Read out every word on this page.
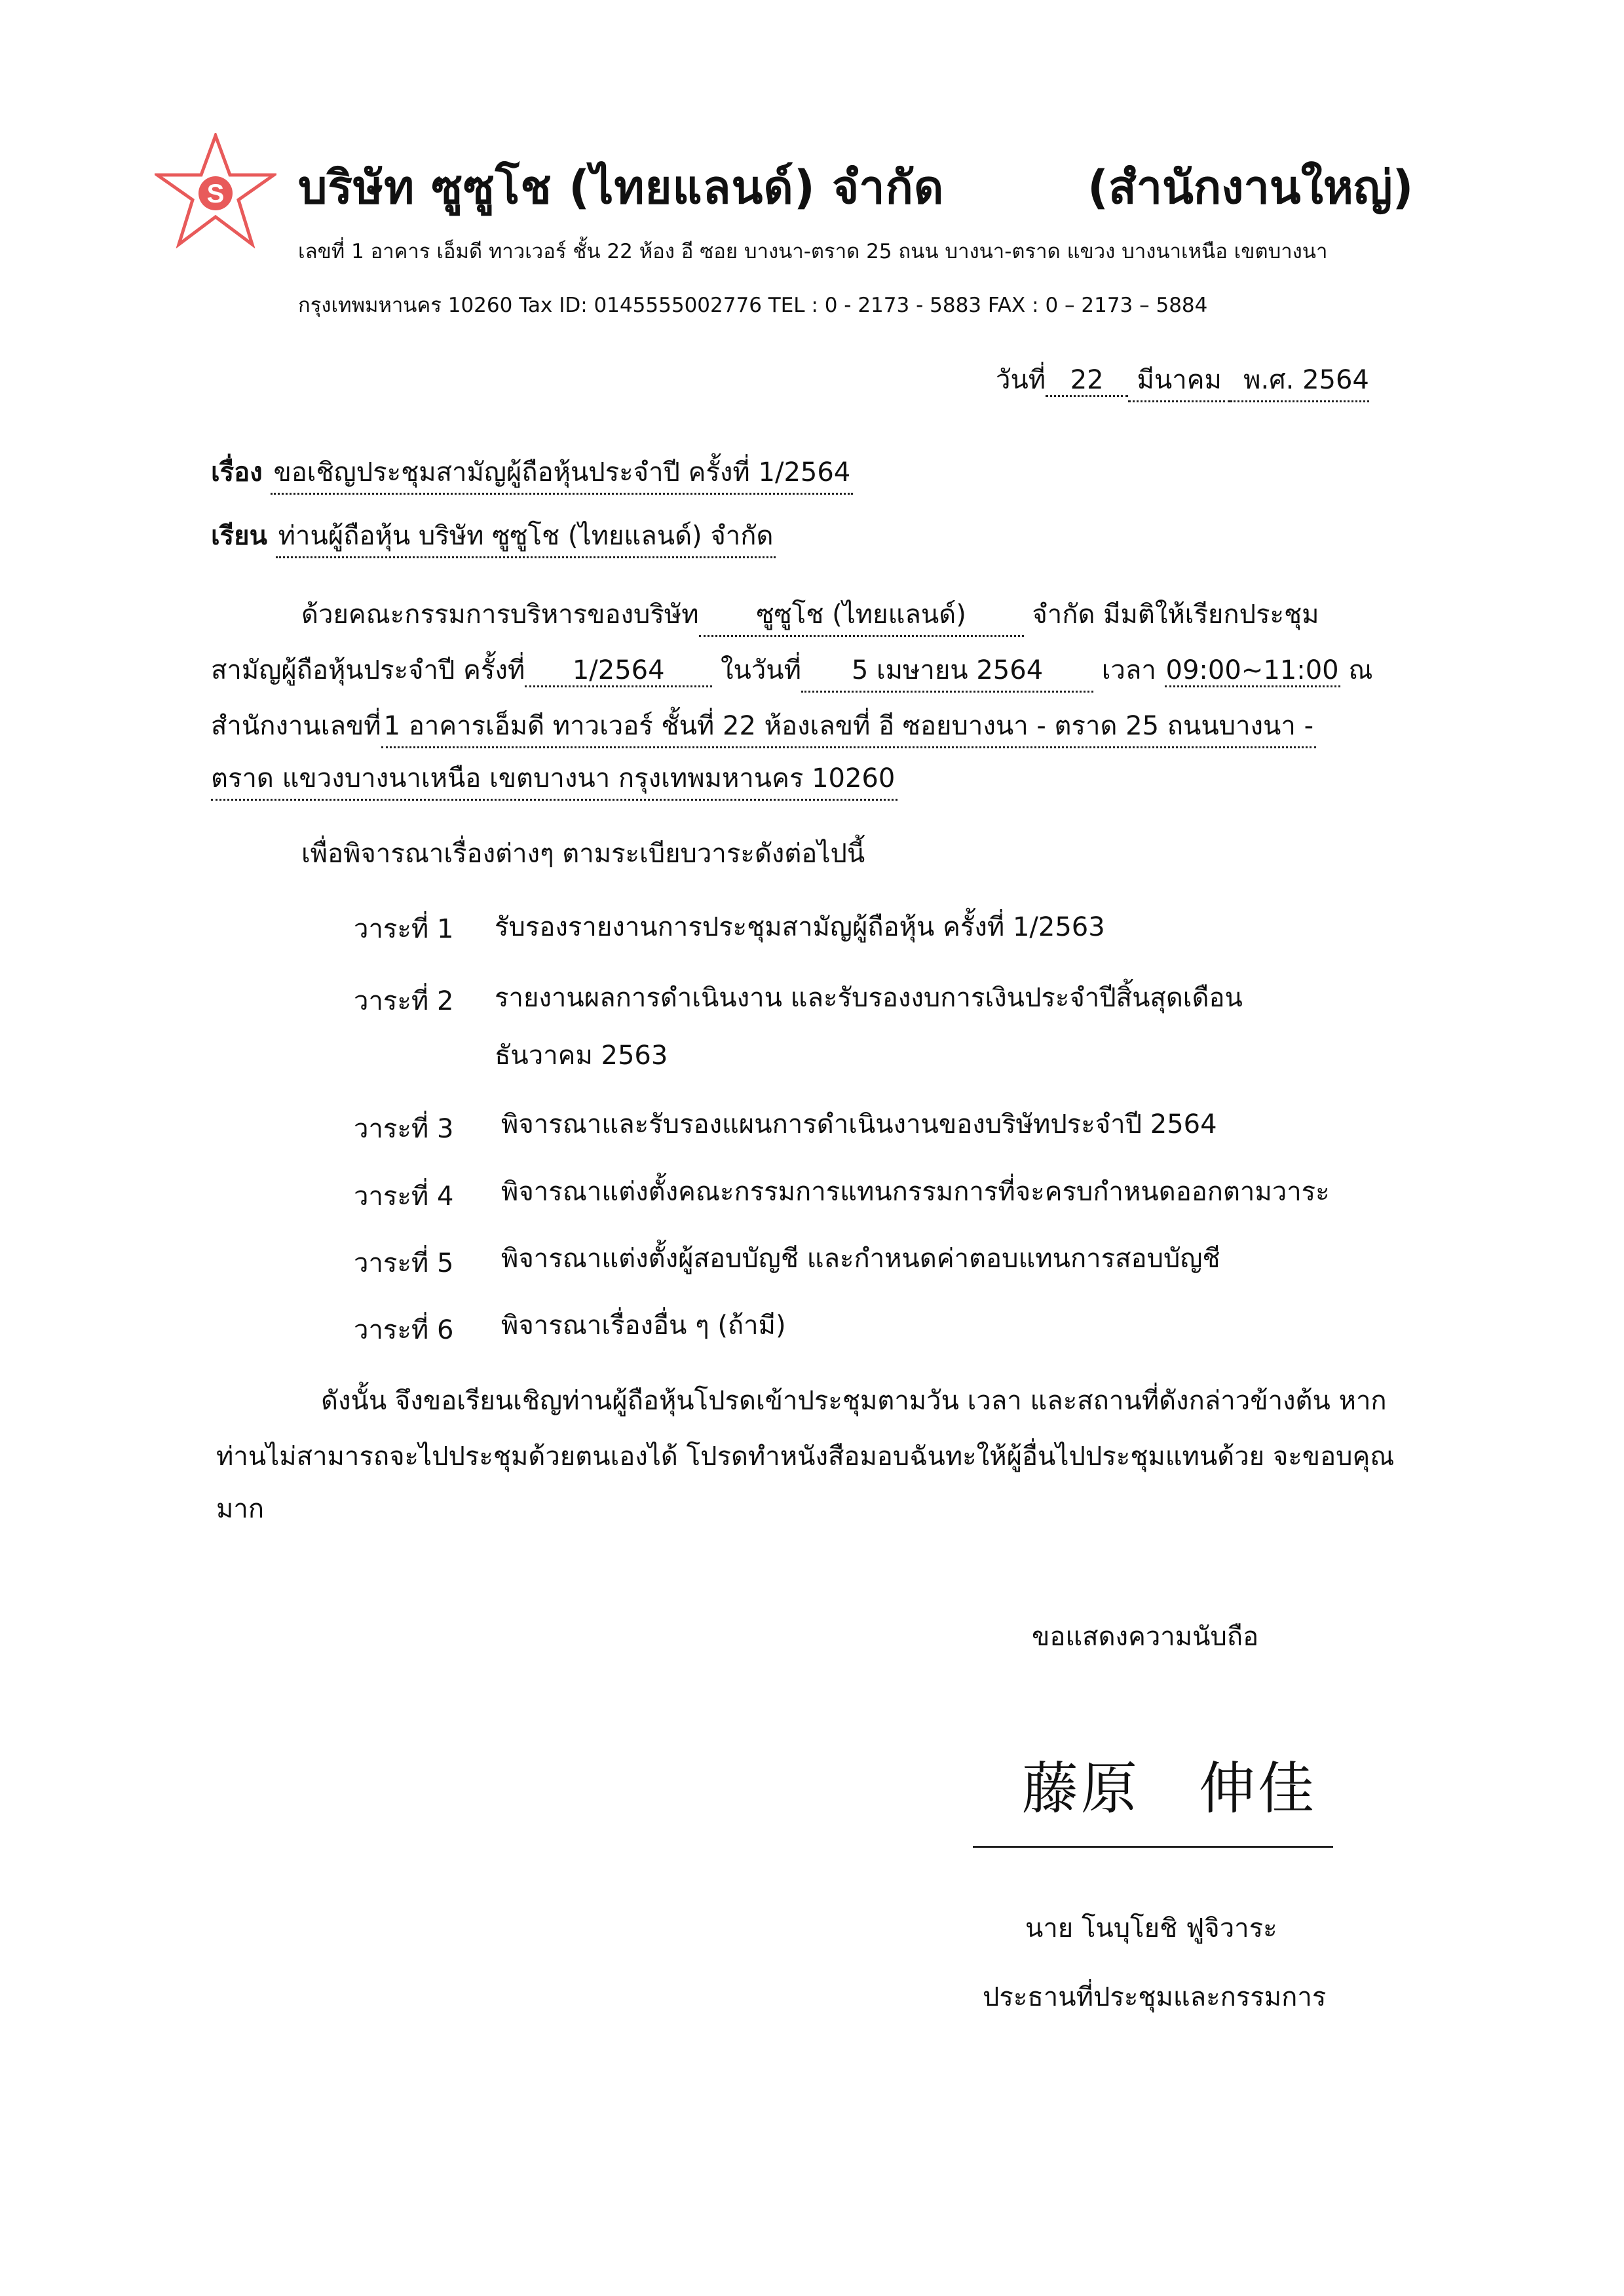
S บริษัท ซูซูโช (ไทยแลนด์) จำกัด	(สำนักงานใหญ่)
เลขที่ 1 อาคาร เอ็มดี ทาวเวอร์ ชั้น 22 ห้อง อี ซอย บางนา-ตราด 25 ถนน บางนา-ตราด แขวง บางนาเหนือ เขตบางนา
กรุงเทพมหานคร 10260 Tax ID: 0145555002776 TEL : 0 - 2173 - 5883 FAX : 0 – 2173 – 5884
วันที่ 22 มีนาคม พ.ศ. 2564
เรื่อง ขอเชิญประชุมสามัญผู้ถือหุ้นประจำปี ครั้งที่ 1/2564
เรียน ท่านผู้ถือหุ้น บริษัท ซูซูโช (ไทยแลนด์) จำกัด
ด้วยคณะกรรมการบริหารของบริษัท ซูซูโช (ไทยแลนด์)	จำกัด มีมติให้เรียกประชุม
สามัญผู้ถือหุ้นประจำปี ครั้งที่ 1/2564 ในวันที่ 5 เมษายน 2564 เวลา 09:00~11:00 ณ
สำนักงานเลขที่ 1 อาคารเอ็มดี ทาวเวอร์ ชั้นที่ 22 ห้องเลขที่ อี ซอยบางนา - ตราด 25 ถนนบางนา -
ตราด แขวงบางนาเหนือ เขตบางนา กรุงเทพมหานคร 10260
เพื่อพิจารณาเรื่องต่างๆ ตามระเบียบวาระดังต่อไปนี้
วาระที่ 1 รับรองรายงานการประชุมสามัญผู้ถือหุ้น ครั้งที่ 1/2563
วาระที่ 2 รายงานผลการดำเนินงาน และรับรองงบการเงินประจำปีสิ้นสุดเดือน
ธันวาคม 2563
วาระที่ 3 พิจารณาและรับรองแผนการดำเนินงานของบริษัทประจำปี 2564
วาระที่ 4 พิจารณาแต่งตั้งคณะกรรมการแทนกรรมการที่จะครบกำหนดออกตามวาระ
วาระที่ 5 พิจารณาแต่งตั้งผู้สอบบัญชี และกำหนดค่าตอบแทนการสอบบัญชี
วาระที่ 6 พิจารณาเรื่องอื่น ๆ (ถ้ามี)
ดังนั้น จึงขอเรียนเชิญท่านผู้ถือหุ้นโปรดเข้าประชุมตามวัน เวลา และสถานที่ดังกล่าวข้างต้น หาก
ท่านไม่สามารถจะไปประชุมด้วยตนเองได้ โปรดทำหนังสือมอบฉันทะให้ผู้อื่นไปประชุมแทนด้วย จะขอบคุณ
มาก
ขอแสดงความนับถือ
藤原　伸佳
นาย โนบุโยชิ ฟูจิวาระ
ประธานที่ประชุมและกรรมการ
